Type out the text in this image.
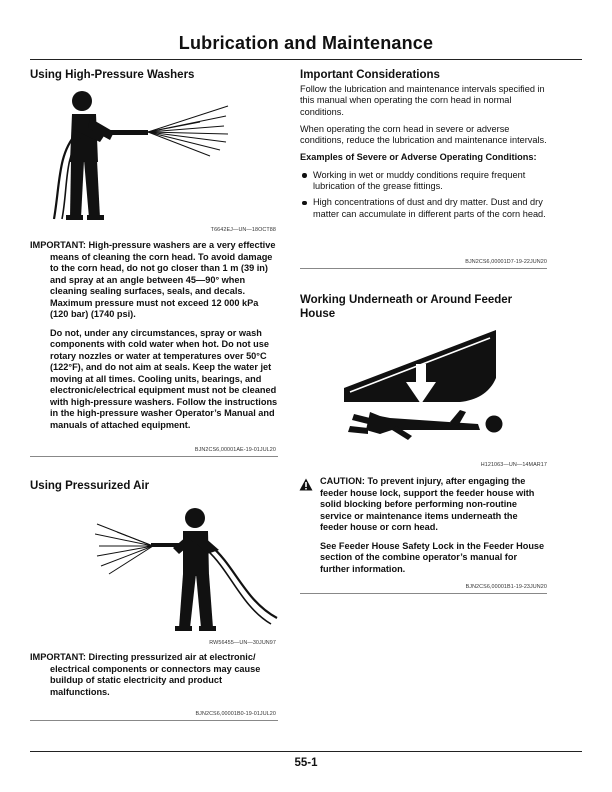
Lubrication and Maintenance
Using High-Pressure Washers
T6642EJ—UN—18OCT88
IMPORTANT: High-pressure washers are a very effective means of cleaning the corn head. To avoid damage to the corn head, do not go closer than 1 m (39 in) and spray at an angle between 45—90° when cleaning sealing surfaces, seals, and decals. Maximum pressure must not exceed 12 000 kPa (120 bar) (1740 psi).
Do not, under any circumstances, spray or wash components with cold water when hot. Do not use rotary nozzles or water at temperatures over 50°C (122°F), and do not aim at seals. Keep the water jet moving at all times. Cooling units, bearings, and electronic/electrical equipment must not be cleaned with high-pressure washers. Follow the instructions in the high-pressure washer Operator’s Manual and manuals of attached equipment.
BJN2CS6,00001AE-19-01JUL20
Using Pressurized Air
RW56455—UN—30JUN97
IMPORTANT: Directing pressurized air at electronic/ electrical components or connectors may cause buildup of static electricity and product malfunctions.
BJN2CS6,00001B0-19-01JUL20
Important Considerations
Follow the lubrication and maintenance intervals specified in this manual when operating the corn head in normal conditions.
When operating the corn head in severe or adverse conditions, reduce the lubrication and maintenance intervals.
Examples of Severe or Adverse Operating Conditions:
Working in wet or muddy conditions require frequent lubrication of the grease fittings.
High concentrations of dust and dry matter. Dust and dry matter can accumulate in different parts of the corn head.
BJN2CS6,00001D7-19-22JUN20
Working Underneath or Around Feeder House
H121063—UN—14MAR17
CAUTION: To prevent injury, after engaging the feeder house lock, support the feeder house with solid blocking before performing non-routine service or maintenance items underneath the feeder house or corn head.
See Feeder House Safety Lock in the Feeder House section of the combine operator’s manual for further information.
BJN2CS6,00001B1-19-23JUN20
55-1
